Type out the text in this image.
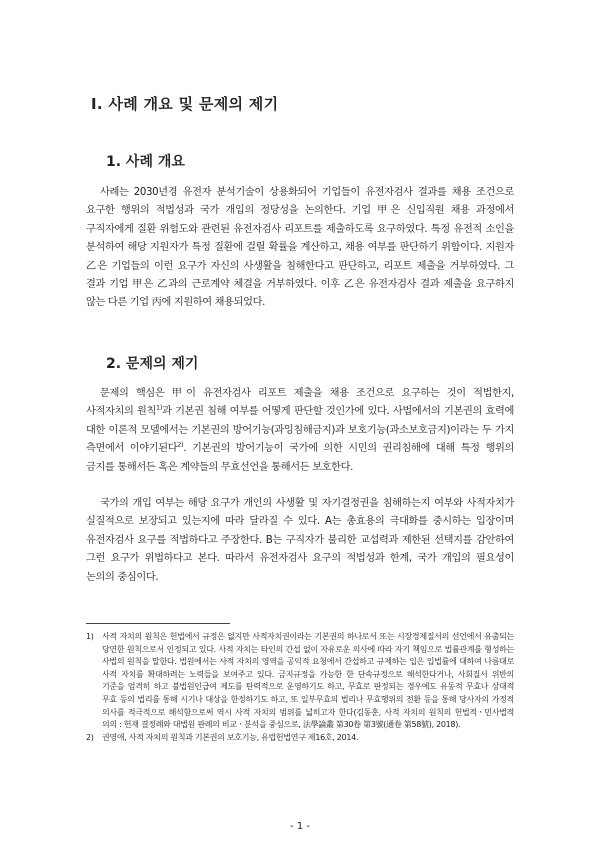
Ⅰ. 사례 개요 및 문제의 제기
1. 사례 개요

사례는 2030년경 유전자 분석기술이 상용화되어 기업들이 유전자검사 결과를 채용 조건으로 요구한 행위의 적법성과 국가 개입의 정당성을 논의한다. 기업 甲은 신입직원 채용 과정에서 구직자에게 질환 위험도와 관련된 유전자검사 리포트를 제출하도록 요구하였다. 특정 유전적 소인을 분석하여 해당 지원자가 특정 질환에 걸릴 확률을 계산하고, 채용 여부를 판단하기 위함이다. 지원자 乙은 기업들의 이런 요구가 자신의 사생활을 침해한다고 판단하고, 리포트 제출을 거부하였다. 그 결과 기업 甲은 乙과의 근로계약 체결을 거부하였다. 이후 乙은 유전자검사 결과 제출을 요구하지 않는 다른 기업 丙에 지원하여 채용되었다.

2. 문제의 제기

문제의 핵심은 甲이 유전자검사 리포트 제출을 채용 조건으로 요구하는 것이 적법한지, 사적자치의 원칙$^{1)}$과 기본권 침해 여부를 어떻게 판단할 것인가에 있다. 사법에서의 기본권의 효력에 대한 이론적 모델에서는 기본권의 방어기능(과잉침해금지)과 보호기능(과소보호금지)이라는 두 가지 측면에서 이야기된다$^{2)}$. 기본권의 방어기능이 국가에 의한 시민의 권리침해에 대해 특정 행위의 금지를 통해서든 혹은 계약들의 무효선언을 통해서든 보호한다.

국가의 개입 여부는 해당 요구가 개인의 사생활 및 자기결정권을 침해하는지 여부와 사적자치가 실질적으로 보장되고 있는지에 따라 달라질 수 있다. A는 총효용의 극대화를 중시하는 입장이며 유전자검사 요구를 적법하다고 주장한다. B는 구직자가 불리한 교섭력과 제한된 선택지를 감안하여 그런 요구가 위법하다고 본다. 따라서 유전자검사 요구의 적법성과 한계, 국가 개입의 필요성이 논의의 중심이다.

1) 사적 자치의 원칙은 헌법에서 규정은 없지만 사적자치권이라는 기본권의 하나로서 또는 시장경제질서의 선언에서 유출되는 당연한 원칙으로서 인정되고 있다. 사적 자치는 타인의 간섭 없이 자유로운 의사에 따라 자기 책임으로 법률관계를 형성하는 사법의 원칙을 말한다. 법원에서는 사적 자치의 영역을 공익적 요청에서 간섭하고 규제하는 입은 입법률에 대하여 나름대로 사적 자치를 확대하려는 노력들을 보여주고 있다. 금지규정을 가능한 한 단속규정으로 해석한다거나, 사회질서 위반의 기준을 엄격히 하고 불법원인급여 제도를 탄력적으로 운영하기도 하고, 무효로 판정되는 경우에도 유동적 무효나 상대적 무효 등의 법리를 통해 시기나 대상을 한정하기도 하고, 또 일부무효의 법리나 무효행위의 전환 등을 통해 당사자의 가정적 의사를 적극적으로 해석함으로써 역시 사적 자치의 범위를 넓히고자 한다(김동훈, 사적 자치의 원칙의 헌법적ㆍ민사법적 의의 : 헌재 결정례와 대법원 판례의 비교ㆍ분석을 중심으로, 法學論叢 第30卷 第3號(通卷 第58號), 2018).

2) 권영애, 사적 자치의 원칙과 기본권의 보호기능, 유럽헌법연구 제16호, 2014.

- 1 -
